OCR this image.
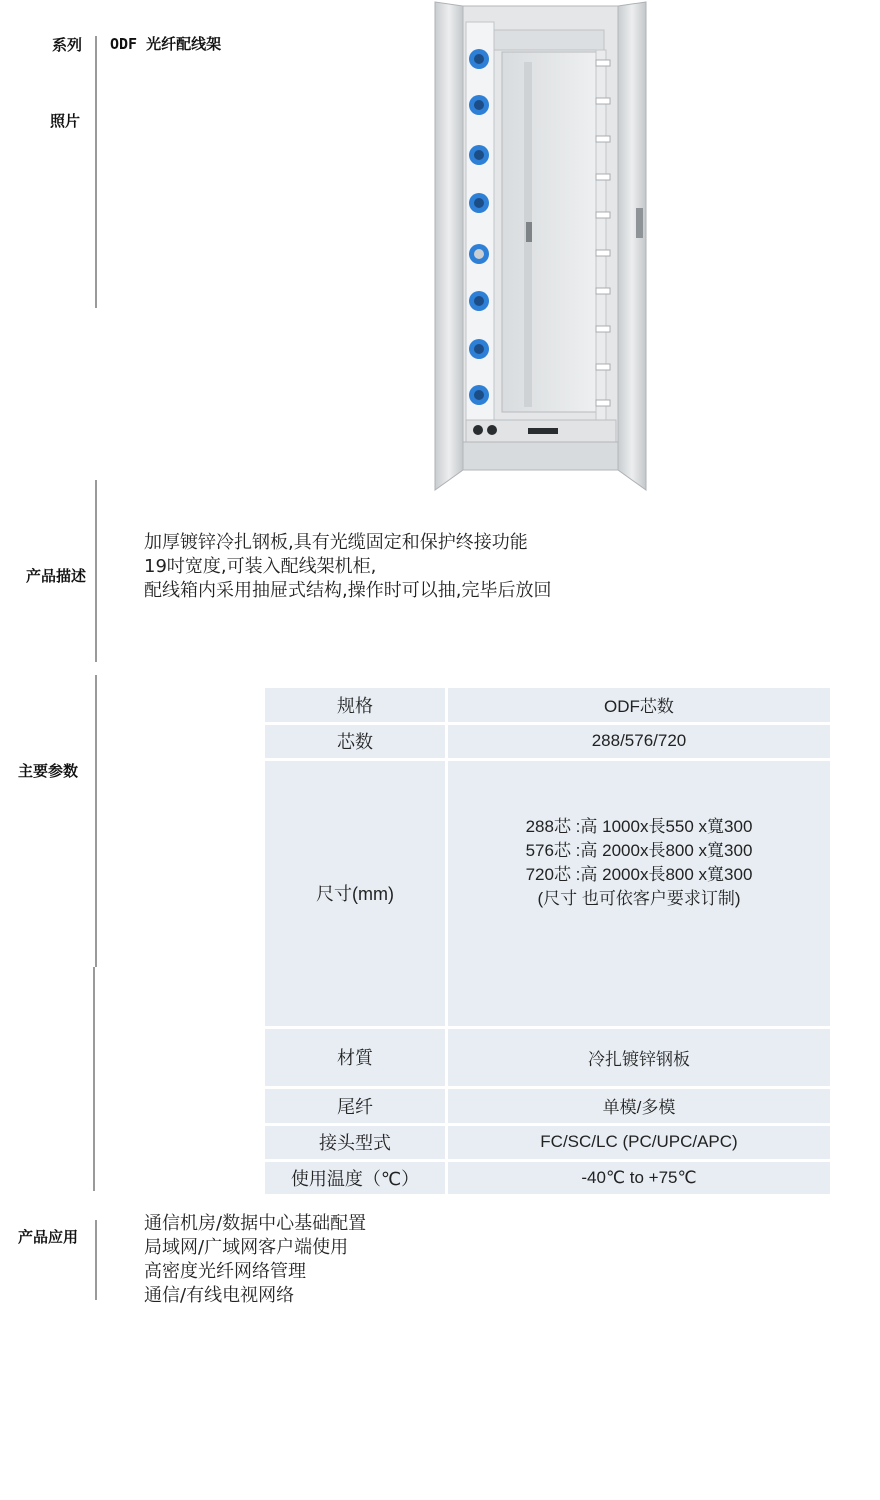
系列 ODF 光纤配线架
照片
产品描述
加厚镀锌冷扎钢板,具有光缆固定和保护终接功能
19吋宽度,可装入配线架机柜,
配线箱内采用抽屉式结构,操作时可以抽,完毕后放回
主要参数
规格	ODF芯数
芯数	288/576/720
尺寸(mm)	288芯 :高 1000x長550 x寬300
576芯 :高 2000x長800 x寬300
720芯 :高 2000x長800 x寬300
(尺寸 也可依客户要求订制)

材質	冷扎镀锌钢板
尾纤	单模/多模
接头型式	FC/SC/LC (PC/UPC/APC)
使用温度（℃）	-40℃ to +75℃
产品应用
通信机房/数据中心基础配置
局域网/广域网客户端使用
高密度光纤网络管理
通信/有线电视网络
